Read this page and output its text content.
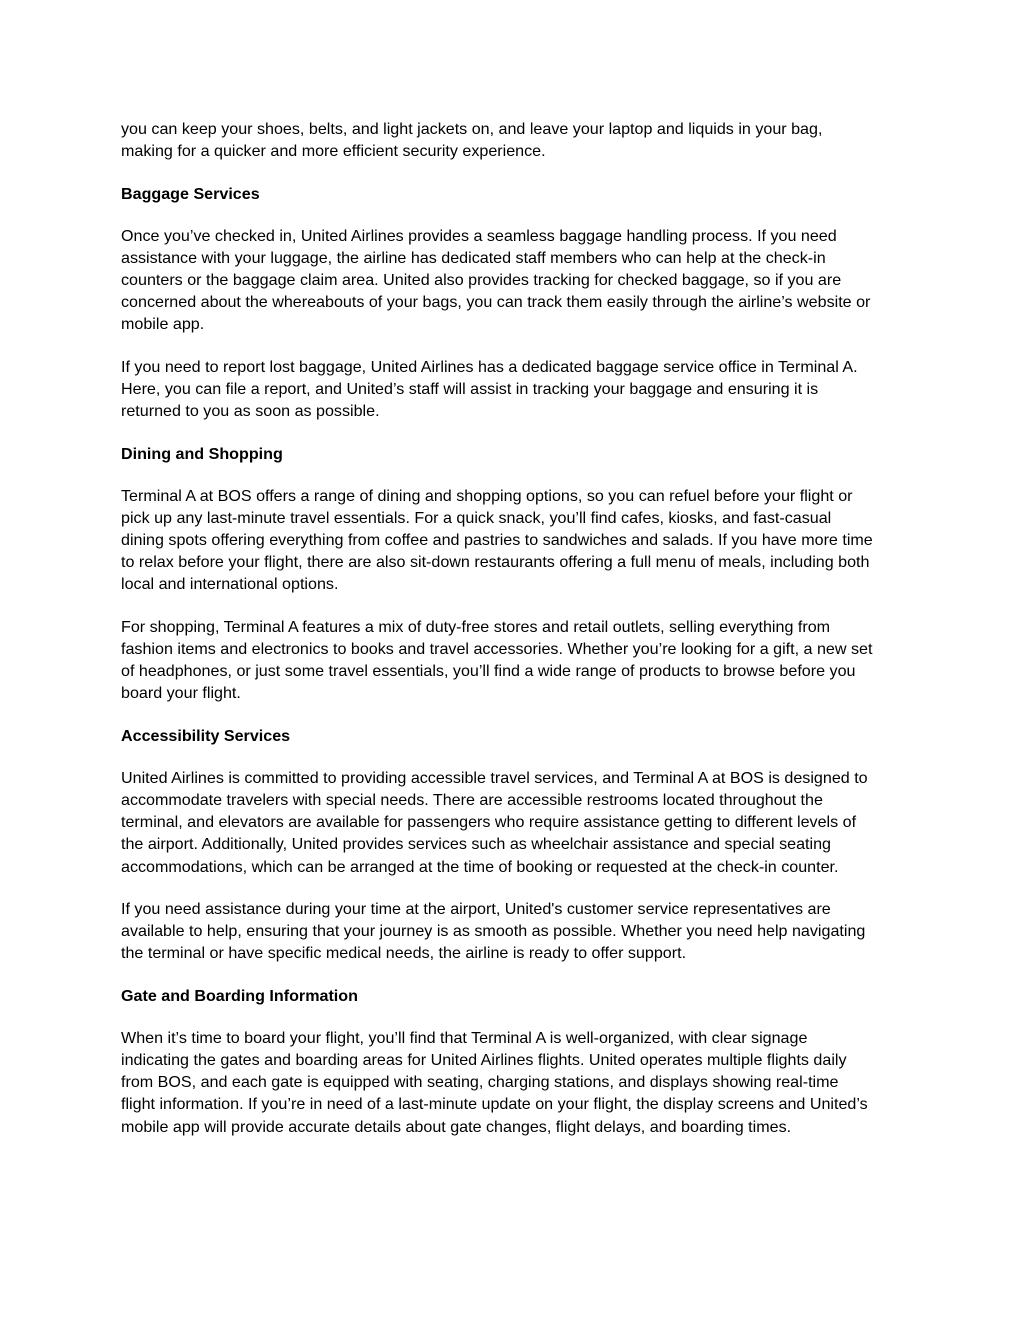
you can keep your shoes, belts, and light jackets on, and leave your laptop and liquids in your bag,
making for a quicker and more efficient security experience.

Baggage Services

Once you’ve checked in, United Airlines provides a seamless baggage handling process. If you need
assistance with your luggage, the airline has dedicated staff members who can help at the check-in
counters or the baggage claim area. United also provides tracking for checked baggage, so if you are
concerned about the whereabouts of your bags, you can track them easily through the airline’s website or
mobile app.

If you need to report lost baggage, United Airlines has a dedicated baggage service office in Terminal A.
Here, you can file a report, and United’s staff will assist in tracking your baggage and ensuring it is
returned to you as soon as possible.

Dining and Shopping

Terminal A at BOS offers a range of dining and shopping options, so you can refuel before your flight or
pick up any last-minute travel essentials. For a quick snack, you’ll find cafes, kiosks, and fast-casual
dining spots offering everything from coffee and pastries to sandwiches and salads. If you have more time
to relax before your flight, there are also sit-down restaurants offering a full menu of meals, including both
local and international options.

For shopping, Terminal A features a mix of duty-free stores and retail outlets, selling everything from
fashion items and electronics to books and travel accessories. Whether you’re looking for a gift, a new set
of headphones, or just some travel essentials, you’ll find a wide range of products to browse before you
board your flight.

Accessibility Services

United Airlines is committed to providing accessible travel services, and Terminal A at BOS is designed to
accommodate travelers with special needs. There are accessible restrooms located throughout the
terminal, and elevators are available for passengers who require assistance getting to different levels of
the airport. Additionally, United provides services such as wheelchair assistance and special seating
accommodations, which can be arranged at the time of booking or requested at the check-in counter.

If you need assistance during your time at the airport, United's customer service representatives are
available to help, ensuring that your journey is as smooth as possible. Whether you need help navigating
the terminal or have specific medical needs, the airline is ready to offer support.

Gate and Boarding Information

When it’s time to board your flight, you’ll find that Terminal A is well-organized, with clear signage
indicating the gates and boarding areas for United Airlines flights. United operates multiple flights daily
from BOS, and each gate is equipped with seating, charging stations, and displays showing real-time
flight information. If you’re in need of a last-minute update on your flight, the display screens and United’s
mobile app will provide accurate details about gate changes, flight delays, and boarding times.
